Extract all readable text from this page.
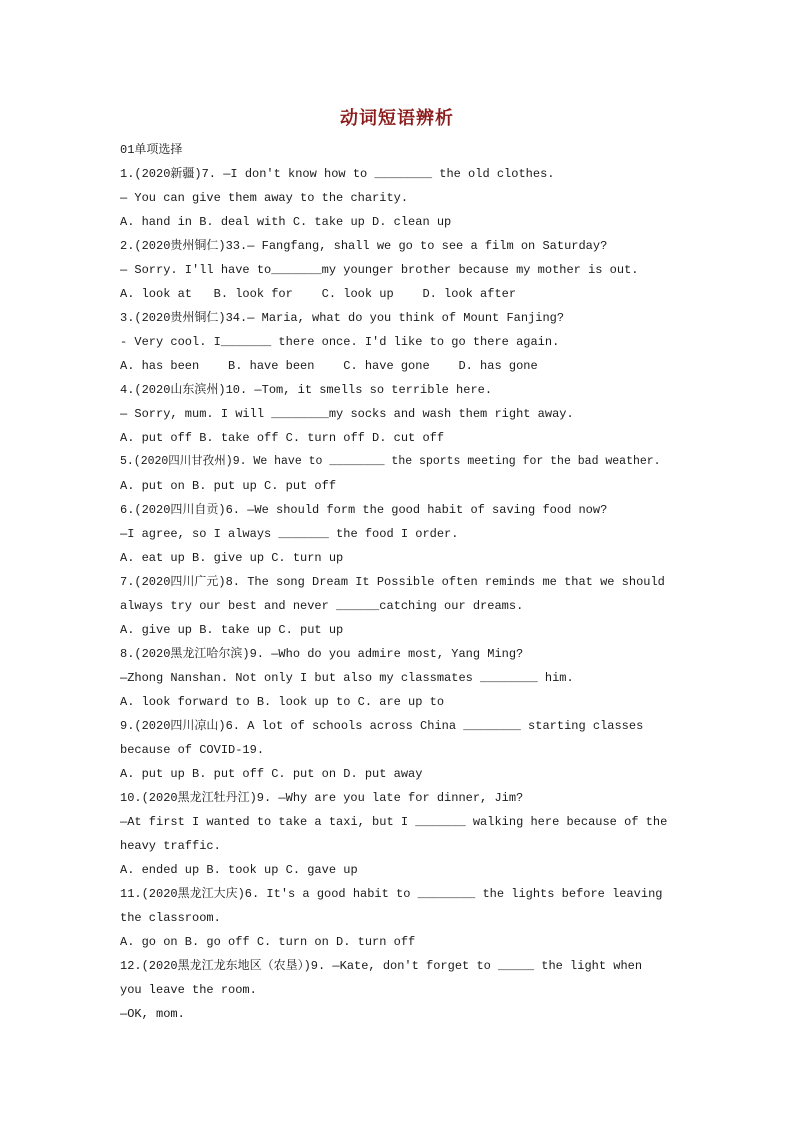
动词短语辨析
01单项选择
1.(2020新疆)7. —I don't know how to ________ the old clothes.
— You can give them away to the charity.
A. hand in B. deal with C. take up D. clean up
2.(2020贵州铜仁)33.— Fangfang, shall we go to see a film on Saturday?
— Sorry. I'll have to_______my younger brother because my mother is out.
A. look at   B. look for    C. look up    D. look after
3.(2020贵州铜仁)34.— Maria, what do you think of Mount Fanjing?
- Very cool. I_______ there once. I'd like to go there again.
A. has been    B. have been    C. have gone    D. has gone
4.(2020山东滨州)10. —Tom, it smells so terrible here.
— Sorry, mum. I will ________my socks and wash them right away.
A. put off B. take off C. turn off D. cut off
5.(2020四川甘孜州)9. We have to ________ the sports meeting for the bad weather.
A. put on B. put up C. put off
6.(2020四川自贡)6. —We should form the good habit of saving food now?
—I agree, so I always _______ the food I order.
A. eat up B. give up C. turn up
7.(2020四川广元)8. The song Dream It Possible often reminds me that we should
always try our best and never ______catching our dreams.
A. give up B. take up C. put up
8.(2020黑龙江哈尔滨)9. —Who do you admire most, Yang Ming?
—Zhong Nanshan. Not only I but also my classmates ________ him.
A. look forward to B. look up to C. are up to
9.(2020四川凉山)6. A lot of schools across China ________ starting classes
because of COVID-19.
A. put up B. put off C. put on D. put away
10.(2020黑龙江牡丹江)9. —Why are you late for dinner, Jim?
—At first I wanted to take a taxi, but I _______ walking here because of the
heavy traffic.
A. ended up B. took up C. gave up
11.(2020黑龙江大庆)6. It's a good habit to ________ the lights before leaving
the classroom.
A. go on B. go off C. turn on D. turn off
12.(2020黑龙江龙东地区（农垦）)9. —Kate, don't forget to _____ the light when
you leave the room.
—OK, mom.
